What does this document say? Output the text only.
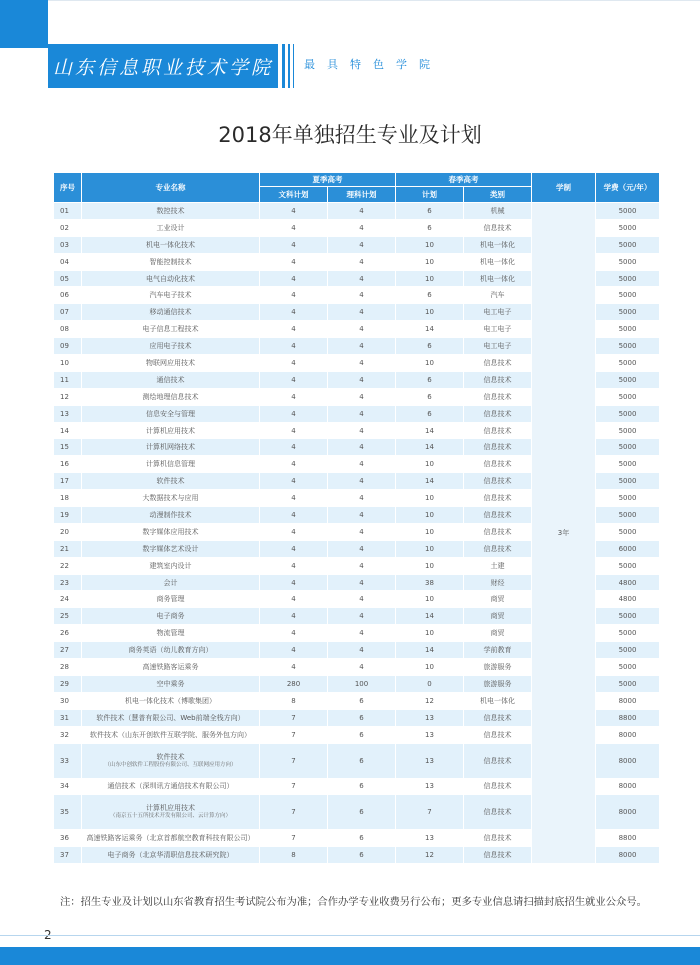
山东信息职业技术学院	最具特色学院
2018年单独招生专业及计划
序号	专业名称	夏季高考		春季高考		学制	学费（元/年）
		文科计划	理科计划	计划	类别		
01	数控技术	4	4	6	机械	3年	5000
02	工业设计	4	4	6	信息技术		5000
03	机电一体化技术	4	4	10	机电一体化		5000
04	智能控制技术	4	4	10	机电一体化		5000
05	电气自动化技术	4	4	10	机电一体化		5000
06	汽车电子技术	4	4	6	汽车		5000
07	移动通信技术	4	4	10	电工电子		5000
08	电子信息工程技术	4	4	14	电工电子		5000
09	应用电子技术	4	4	6	电工电子		5000
10	物联网应用技术	4	4	10	信息技术		5000
11	通信技术	4	4	6	信息技术		5000
12	测绘地理信息技术	4	4	6	信息技术		5000
13	信息安全与管理	4	4	6	信息技术		5000
14	计算机应用技术	4	4	14	信息技术		5000
15	计算机网络技术	4	4	14	信息技术		5000
16	计算机信息管理	4	4	10	信息技术		5000
17	软件技术	4	4	14	信息技术		5000
18	大数据技术与应用	4	4	10	信息技术		5000
19	动漫制作技术	4	4	10	信息技术		5000
20	数字媒体应用技术	4	4	10	信息技术		5000
21	数字媒体艺术设计	4	4	10	信息技术		6000
22	建筑室内设计	4	4	10	土建		5000
23	会计	4	4	38	财经		4800
24	商务管理	4	4	10	商贸		4800
25	电子商务	4	4	14	商贸		5000
26	物流管理	4	4	10	商贸		5000
27	商务英语（幼儿教育方向）	4	4	14	学前教育		5000
28	高速铁路客运乘务	4	4	10	旅游服务		5000
29	空中乘务	280	100	0	旅游服务		5000
30	机电一体化技术（博歌集团）	8	6	12	机电一体化		8000
31	软件技术（慧普有限公司、Web前端全栈方向）	7	6	13	信息技术		8800
32	软件技术（山东开创软件互联学院、服务外包方向）	7	6	13	信息技术		8000
33	软件技术
（山东中创软件工程股份有限公司、互联网应用方向）	7	6	13	信息技术		8000
34	通信技术（深圳讯方通信技术有限公司）	7	6	13	信息技术		8000
35	计算机应用技术
（南京五十五所技术开发有限公司、云计算方向）	7	6	7	信息技术		8000
36	高速铁路客运乘务（北京首都航空教育科技有限公司）	7	6	13	信息技术		8800
37	电子商务（北京华清职信息技术研究院）	8	6	12	信息技术		8000
注：招生专业及计划以山东省教育招生考试院公布为准；合作办学专业收费另行公布；更多专业信息请扫描封底招生就业公众号。
